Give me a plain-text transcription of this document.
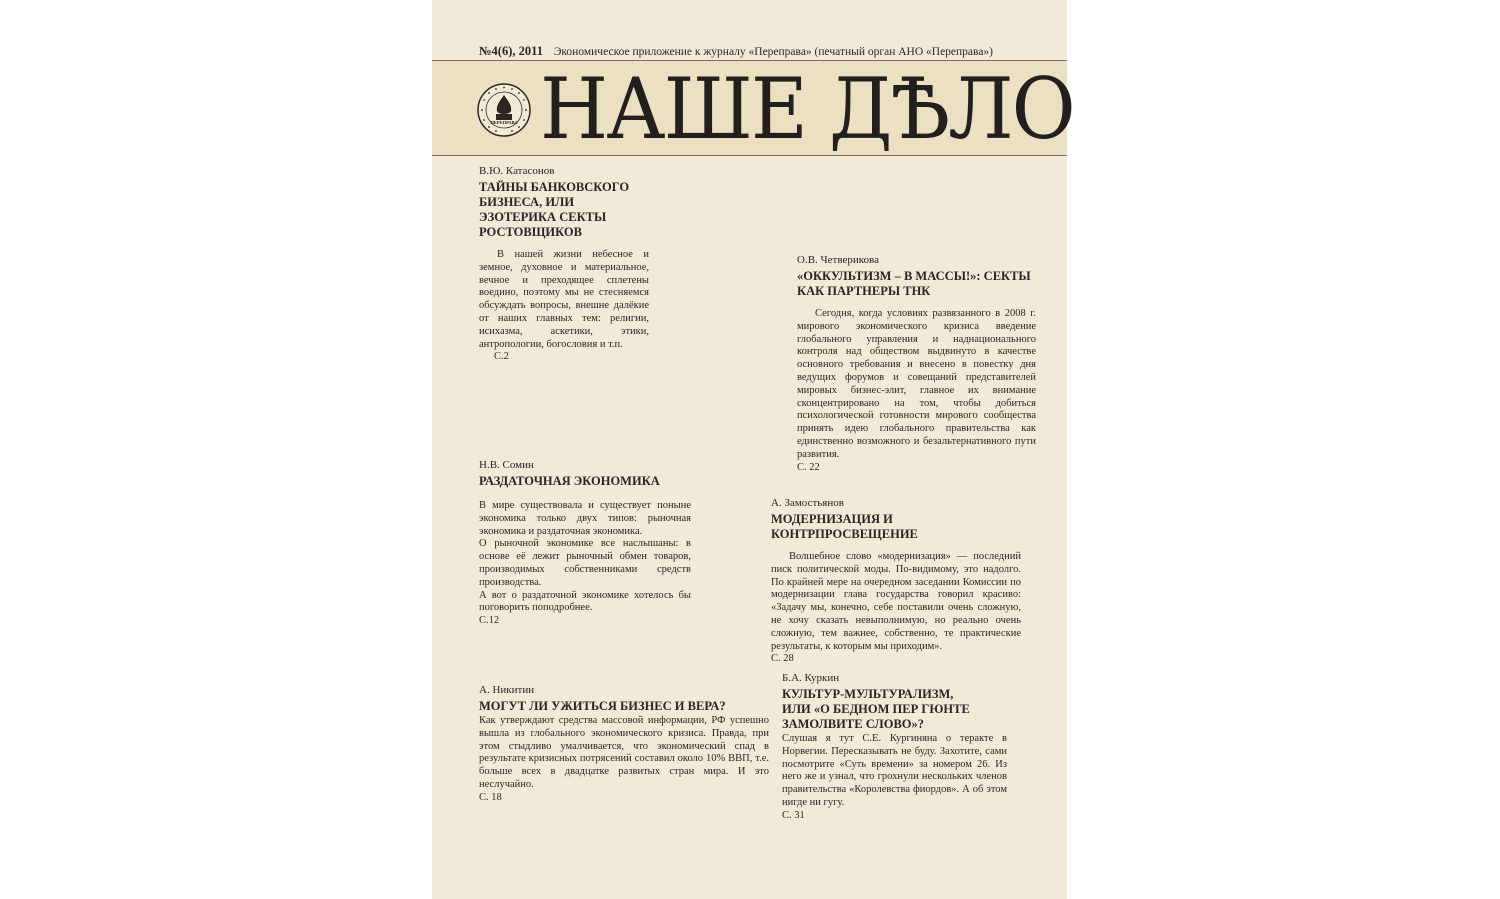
№4(6), 2011 Экономическое приложение к журналу «Переправа» (печатный орган АНО «Переправа»)
ПЕРЕПРАВА НАШЕ ДѢЛО
В.Ю. Катасонов
ТАЙНЫ БАНКОВСКОГО БИЗНЕСА, ИЛИ ЭЗОТЕРИКА СЕКТЫ РОСТОВЩИКОВ
В нашей жизни небесное и земное, духовное и материальное, вечное и преходящее сплетены воедино, поэтому мы не стесняемся обсуждать вопросы, внешне далёкие от наших главных тем: религии, исихазма, аскетики, этики, антропологии, богословия и т.п.
С.2
О.В. Четверикова
«ОККУЛЬТИЗМ – В МАССЫ!»: СЕКТЫ КАК ПАРТНЕРЫ ТНК
Сегодня, когда условиях развязанного в 2008 г. мирового экономического кризиса введение глобального управления и наднационального контроля над обществом выдвинуто в качестве основного требования и внесено в повестку дня ведущих форумов и совещаний представителей мировых бизнес-элит, главное их внимание сконцентрировано на том, чтобы добиться психологической готовности мирового сообщества принять идею глобального правительства как единственно возможного и безальтернативного пути развития.
С. 22
Н.В. Сомин
РАЗДАТОЧНАЯ ЭКОНОМИКА
В мире существовала и существует поныне экономика только двух типов: рыночная экономика и раздаточная экономика.
О рыночной экономике все наслышаны: в основе её лежит рыночный обмен товаров, производимых собственниками средств производства.
А вот о раздаточной экономике хотелось бы поговорить поподробнее.
С.12
А. Замостьянов
МОДЕРНИЗАЦИЯ И КОНТРПРОСВЕЩЕНИЕ
Волшебное слово «модернизация» — последний писк политической моды. По-видимому, это надолго. По крайней мере на очередном заседании Комиссии по модернизации глава государства говорил красиво: «Задачу мы, конечно, себе поставили очень сложную, не хочу сказать невыполнимую, но реально очень сложную, тем важнее, собственно, те практические результаты, к которым мы приходим».
С. 28
А. Никитин
МОГУТ ЛИ УЖИТЬСЯ БИЗНЕС И ВЕРА?
Как утверждают средства массовой информации, РФ успешно вышла из глобального экономического кризиса. Правда, при этом стыдливо умалчивается, что экономический спад в результате кризисных потрясений составил около 10% ВВП, т.е. больше всех в двадцатке развитых стран мира. И это неслучайно.
С. 18
Б.А. Куркин
КУЛЬТУР-МУЛЬТУРАЛИЗМ, ИЛИ «О БЕДНОМ ПЕР ГЮНТЕ ЗАМОЛВИТЕ СЛОВО»?
Слушая я тут С.Е. Кургиняна о теракте в Норвегии. Пересказывать не буду. Захотите, сами посмотрите «Суть времени» за номером 26. Из него же и узнал, что грохнули нескольких членов правительства «Королевства фиордов». А об этом нигде ни гугу.
С. 31
